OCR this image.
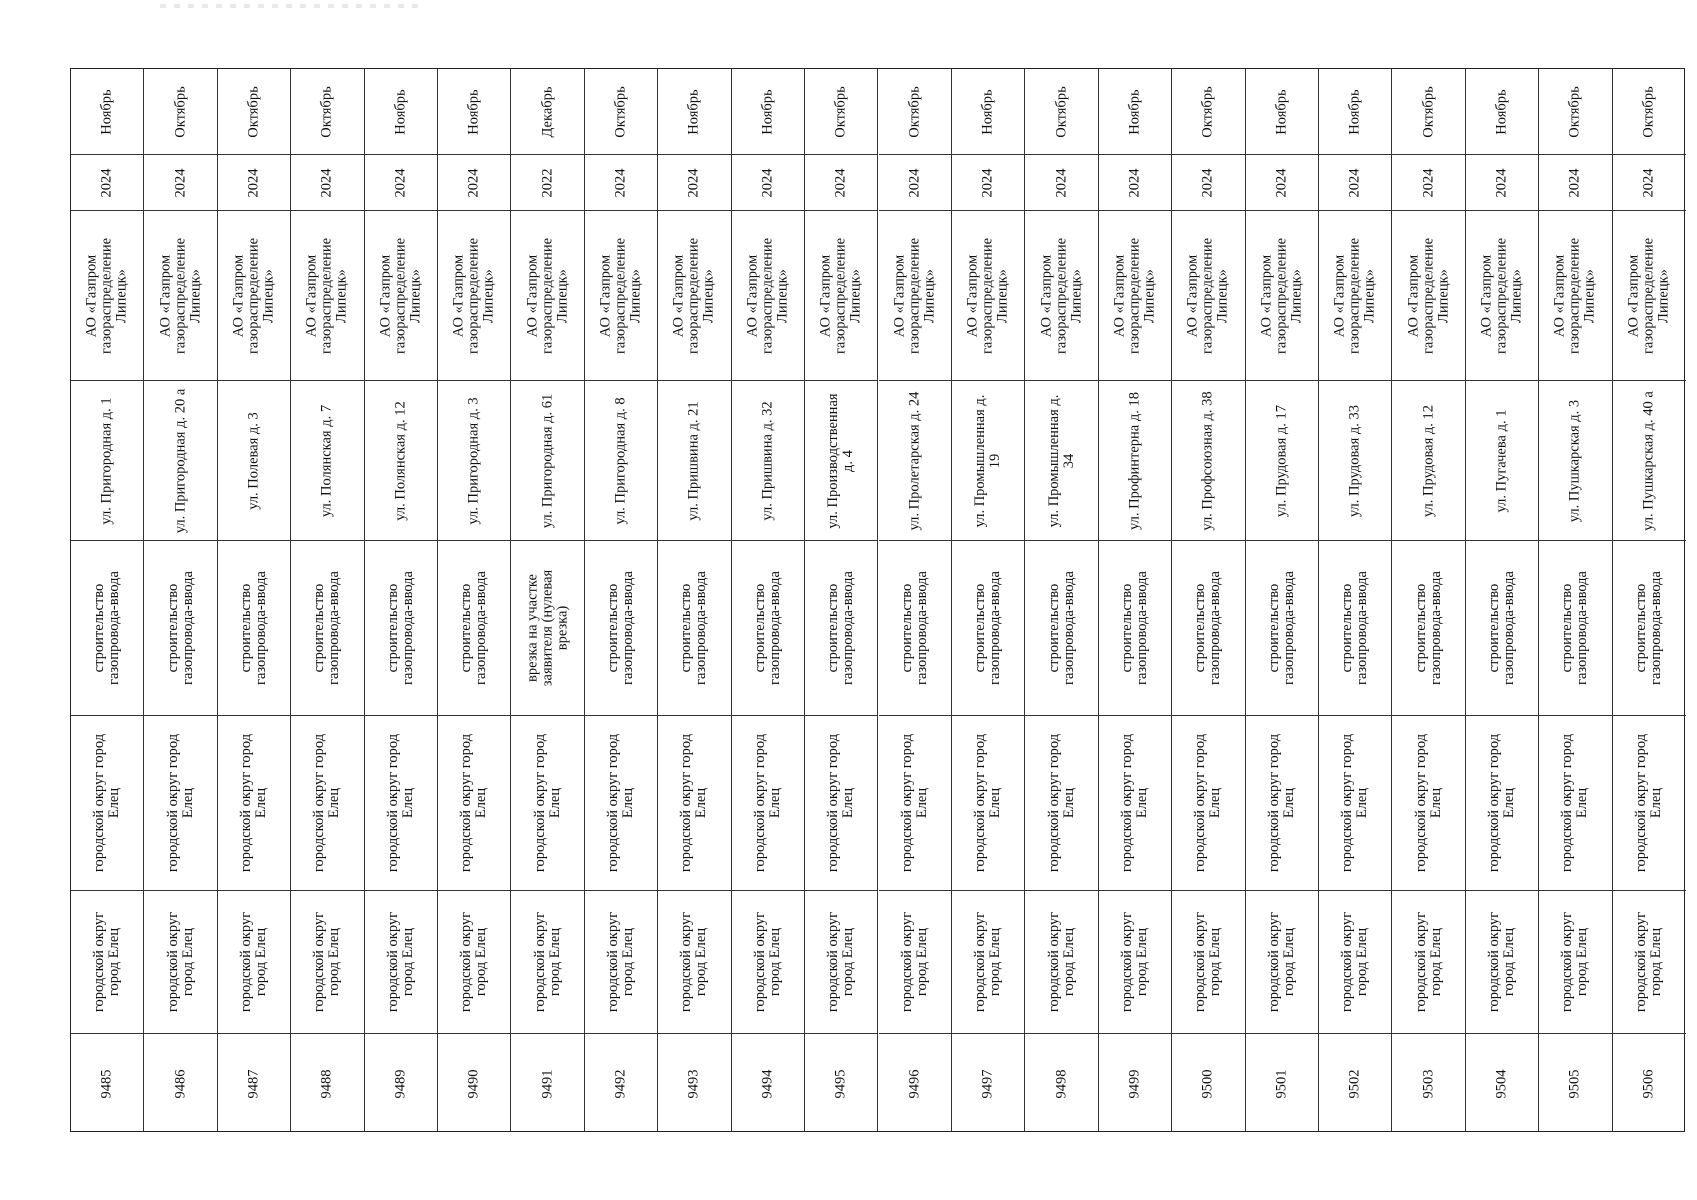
Ноябрь
2024
АО «Газпром газораспределение Липецк»
ул. Пригородная д. 1
строительство газопровода-ввода
городской округ город Елец
городской округ город Елец
9485
Октябрь
2024
АО «Газпром газораспределение Липецк»
ул. Пригородная д. 20 а
строительство газопровода-ввода
городской округ город Елец
городской округ город Елец
9486
Октябрь
2024
АО «Газпром газораспределение Липецк»
ул. Полевая д. 3
строительство газопровода-ввода
городской округ город Елец
городской округ город Елец
9487
Октябрь
2024
АО «Газпром газораспределение Липецк»
ул. Полянская д. 7
строительство газопровода-ввода
городской округ город Елец
городской округ город Елец
9488
Ноябрь
2024
АО «Газпром газораспределение Липецк»
ул. Полянская д. 12
строительство газопровода-ввода
городской округ город Елец
городской округ город Елец
9489
Ноябрь
2024
АО «Газпром газораспределение Липецк»
ул. Пригородная д. 3
строительство газопровода-ввода
городской округ город Елец
городской округ город Елец
9490
Декабрь
2022
АО «Газпром газораспределение Липецк»
ул. Пригородная д. 61
врезка на участке заявителя (нулевая врезка)
городской округ город Елец
городской округ город Елец
9491
Октябрь
2024
АО «Газпром газораспределение Липецк»
ул. Пригородная д. 8
строительство газопровода-ввода
городской округ город Елец
городской округ город Елец
9492
Ноябрь
2024
АО «Газпром газораспределение Липецк»
ул. Пришвина д. 21
строительство газопровода-ввода
городской округ город Елец
городской округ город Елец
9493
Ноябрь
2024
АО «Газпром газораспределение Липецк»
ул. Пришвина д. 32
строительство газопровода-ввода
городской округ город Елец
городской округ город Елец
9494
Октябрь
2024
АО «Газпром газораспределение Липецк»
ул. Производственная д. 4
строительство газопровода-ввода
городской округ город Елец
городской округ город Елец
9495
Октябрь
2024
АО «Газпром газораспределение Липецк»
ул. Пролетарская д. 24
строительство газопровода-ввода
городской округ город Елец
городской округ город Елец
9496
Ноябрь
2024
АО «Газпром газораспределение Липецк»
ул. Промышленная д. 19
строительство газопровода-ввода
городской округ город Елец
городской округ город Елец
9497
Октябрь
2024
АО «Газпром газораспределение Липецк»
ул. Промышленная д. 34
строительство газопровода-ввода
городской округ город Елец
городской округ город Елец
9498
Ноябрь
2024
АО «Газпром газораспределение Липецк»
ул. Профинтерна д. 18
строительство газопровода-ввода
городской округ город Елец
городской округ город Елец
9499
Октябрь
2024
АО «Газпром газораспределение Липецк»
ул. Профсоюзная д. 38
строительство газопровода-ввода
городской округ город Елец
городской округ город Елец
9500
Ноябрь
2024
АО «Газпром газораспределение Липецк»
ул. Прудовая д. 17
строительство газопровода-ввода
городской округ город Елец
городской округ город Елец
9501
Ноябрь
2024
АО «Газпром газораспределение Липецк»
ул. Прудовая д. 33
строительство газопровода-ввода
городской округ город Елец
городской округ город Елец
9502
Октябрь
2024
АО «Газпром газораспределение Липецк»
ул. Прудовая д. 12
строительство газопровода-ввода
городской округ город Елец
городской округ город Елец
9503
Ноябрь
2024
АО «Газпром газораспределение Липецк»
ул. Пугачева д. 1
строительство газопровода-ввода
городской округ город Елец
городской округ город Елец
9504
Октябрь
2024
АО «Газпром газораспределение Липецк»
ул. Пушкарская д. 3
строительство газопровода-ввода
городской округ город Елец
городской округ город Елец
9505
Октябрь
2024
АО «Газпром газораспределение Липецк»
ул. Пушкарская д. 40 а
строительство газопровода-ввода
городской округ город Елец
городской округ город Елец
9506
